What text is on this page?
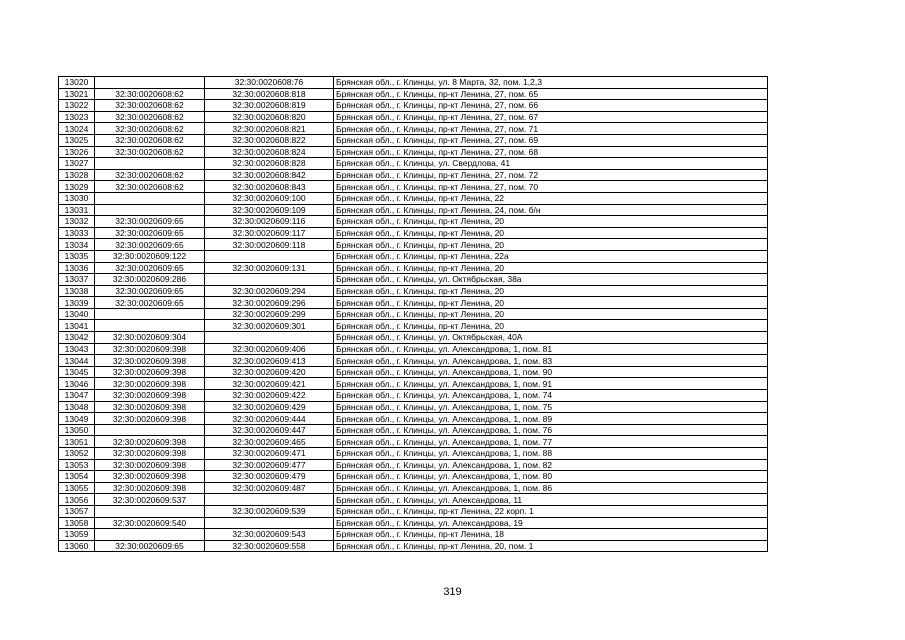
13020		32:30:0020608:76	Брянская обл., г. Клинцы, ул. 8 Марта, 32, пом. 1,2,3
13021	32:30:0020608:62	32:30:0020608:818	Брянская обл., г. Клинцы, пр-кт Ленина, 27, пом. 65
13022	32:30:0020608:62	32:30:0020608:819	Брянская обл., г. Клинцы, пр-кт Ленина, 27, пом. 66
13023	32:30:0020608:62	32:30:0020608:820	Брянская обл., г. Клинцы, пр-кт Ленина, 27, пом. 67
13024	32:30:0020608:62	32:30:0020608:821	Брянская обл., г. Клинцы, пр-кт Ленина, 27, пом. 71
13025	32:30:0020608:62	32:30:0020608:822	Брянская обл., г. Клинцы, пр-кт Ленина, 27, пом. 69
13026	32:30:0020608:62	32:30:0020608:824	Брянская обл., г. Клинцы, пр-кт Ленина, 27, пом. 68
13027		32:30:0020608:828	Брянская обл., г. Клинцы, ул. Свердлова, 41
13028	32:30:0020608:62	32:30:0020608:842	Брянская обл., г. Клинцы, пр-кт Ленина, 27, пом. 72
13029	32:30:0020608:62	32:30:0020608:843	Брянская обл., г. Клинцы, пр-кт Ленина, 27, пом. 70
13030		32:30:0020609:100	Брянская обл., г. Клинцы, пр-кт Ленина, 22
13031		32:30:0020609:109	Брянская обл., г. Клинцы, пр-кт Ленина, 24, пом. б/н
13032	32:30:0020609:65	32:30:0020609:116	Брянская обл., г. Клинцы, пр-кт Ленина, 20
13033	32:30:0020609:65	32:30:0020609:117	Брянская обл., г. Клинцы, пр-кт Ленина, 20
13034	32:30:0020609:65	32:30:0020609:118	Брянская обл., г. Клинцы, пр-кт Ленина, 20
13035	32:30:0020609:122		Брянская обл., г. Клинцы, пр-кт Ленина, 22а
13036	32:30:0020609:65	32:30:0020609:131	Брянская обл., г. Клинцы, пр-кт Ленина, 20
13037	32:30:0020609:286		Брянская обл., г. Клинцы, ул. Октябрьская, 38а
13038	32:30:0020609:65	32:30:0020609:294	Брянская обл., г. Клинцы, пр-кт Ленина, 20
13039	32:30:0020609:65	32:30:0020609:296	Брянская обл., г. Клинцы, пр-кт Ленина, 20
13040		32:30:0020609:299	Брянская обл., г. Клинцы, пр-кт Ленина, 20
13041		32:30:0020609:301	Брянская обл., г. Клинцы, пр-кт Ленина, 20
13042	32:30:0020609:304		Брянская обл., г. Клинцы, ул. Октябрьская, 40А
13043	32:30:0020609:398	32:30:0020609:406	Брянская обл., г. Клинцы, ул. Александрова, 1, пом. 81
13044	32:30:0020609:398	32:30:0020609:413	Брянская обл., г. Клинцы, ул. Александрова, 1, пом. 83
13045	32:30:0020609:398	32:30:0020609:420	Брянская обл., г. Клинцы, ул. Александрова, 1, пом. 90
13046	32:30:0020609:398	32:30:0020609:421	Брянская обл., г. Клинцы, ул. Александрова, 1, пом. 91
13047	32:30:0020609:398	32:30:0020609:422	Брянская обл., г. Клинцы, ул. Александрова, 1, пом. 74
13048	32:30:0020609:398	32:30:0020609:429	Брянская обл., г. Клинцы, ул. Александрова, 1, пом. 75
13049	32:30:0020609:398	32:30:0020609:444	Брянская обл., г. Клинцы, ул. Александрова, 1, пом. 89
13050		32:30:0020609:447	Брянская обл., г. Клинцы, ул. Александрова, 1, пом. 76
13051	32:30:0020609:398	32:30:0020609:465	Брянская обл., г. Клинцы, ул. Александрова, 1, пом. 77
13052	32:30:0020609:398	32:30:0020609:471	Брянская обл., г. Клинцы, ул. Александрова, 1, пом. 88
13053	32:30:0020609:398	32:30:0020609:477	Брянская обл., г. Клинцы, ул. Александрова, 1, пом. 82
13054	32:30:0020609:398	32:30:0020609:479	Брянская обл., г. Клинцы, ул. Александрова, 1, пом. 80
13055	32:30:0020609:398	32:30:0020609:487	Брянская обл., г. Клинцы, ул. Александрова, 1, пом. 86
13056	32:30:0020609:537		Брянская обл., г. Клинцы, ул. Александрова, 11
13057		32:30:0020609:539	Брянская обл., г. Клинцы, пр-кт Ленина, 22 корп. 1
13058	32:30:0020609:540		Брянская обл., г. Клинцы, ул. Александрова, 19
13059		32:30:0020609:543	Брянская обл., г. Клинцы, пр-кт Ленина, 18
13060	32:30:0020609:65	32:30:0020609:558	Брянская обл., г. Клинцы, пр-кт Ленина, 20, пом. 1
319
